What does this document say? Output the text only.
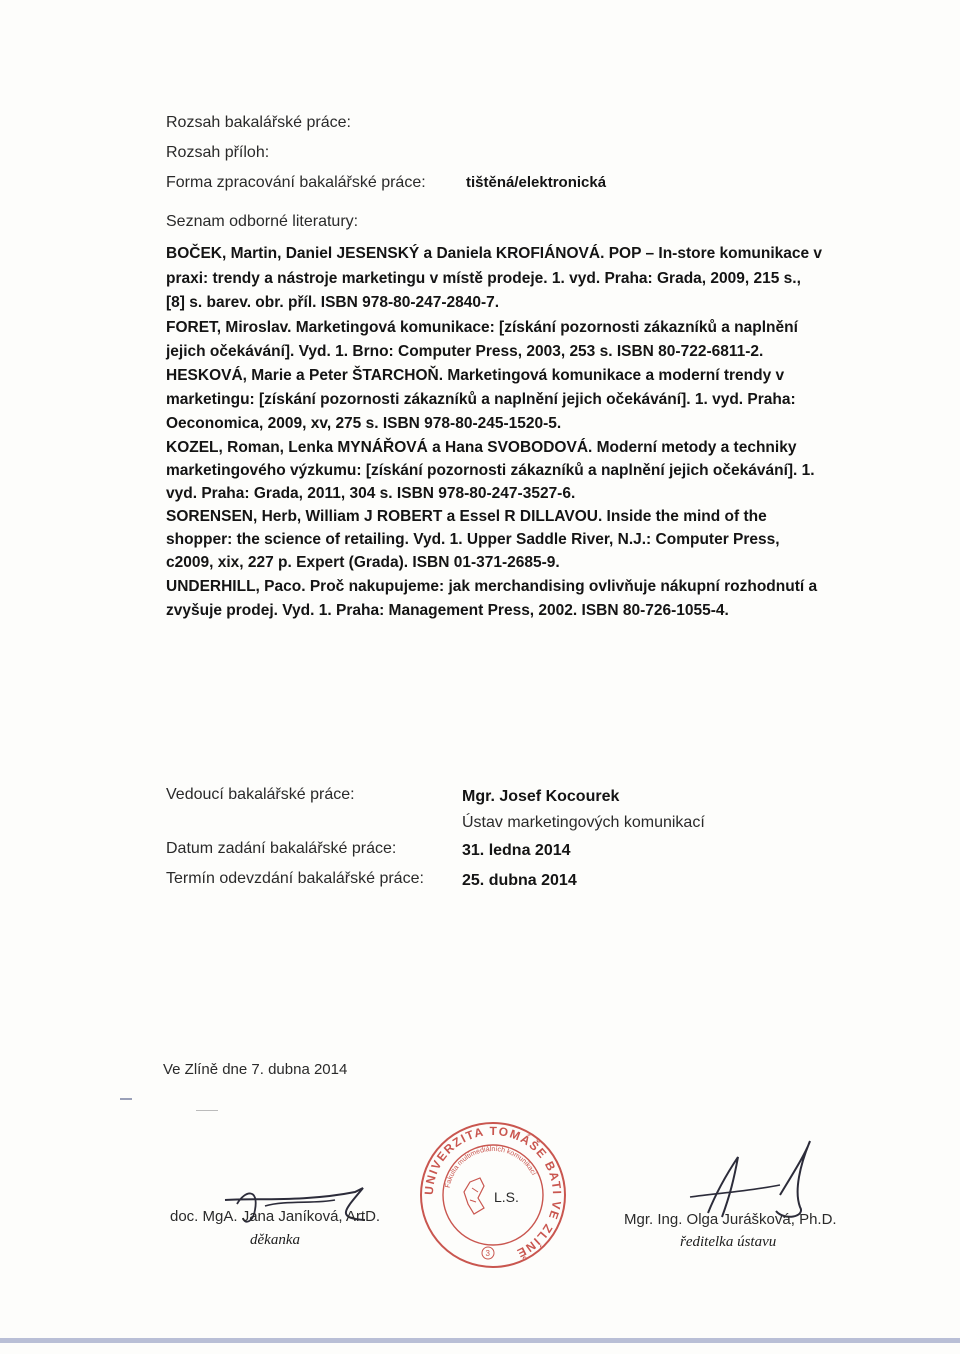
Rozsah bakalářské práce:
Rozsah příloh:
Forma zpracování bakalářské práce:	tištěná/elektronická
Seznam odborné literatury:
BOČEK, Martin, Daniel JESENSKÝ a Daniela KROFIÁNOVÁ. POP – In-store komunikace v
praxi: trendy a nástroje marketingu v místě prodeje. 1. vyd. Praha: Grada, 2009, 215 s.,
[8] s. barev. obr. příl. ISBN 978-80-247-2840-7.
FORET, Miroslav. Marketingová komunikace: [získání pozornosti zákazníků a naplnění
jejich očekávání]. Vyd. 1. Brno: Computer Press, 2003, 253 s. ISBN 80-722-6811-2.
HESKOVÁ, Marie a Peter ŠTARCHOŇ. Marketingová komunikace a moderní trendy v
marketingu: [získání pozornosti zákazníků a naplnění jejich očekávání]. 1. vyd. Praha:
Oeconomica, 2009, xv, 275 s. ISBN 978-80-245-1520-5.
KOZEL, Roman, Lenka MYNÁŘOVÁ a Hana SVOBODOVÁ. Moderní metody a techniky
marketingového výzkumu: [získání pozornosti zákazníků a naplnění jejich očekávání]. 1.
vyd. Praha: Grada, 2011, 304 s. ISBN 978-80-247-3527-6.
SORENSEN, Herb, William J ROBERT a Essel R DILLAVOU. Inside the mind of the
shopper: the science of retailing. Vyd. 1. Upper Saddle River, N.J.: Computer Press,
c2009, xix, 227 p. Expert (Grada). ISBN 01-371-2685-9.
UNDERHILL, Paco. Proč nakupujeme: jak merchandising ovlivňuje nákupní rozhodnutí a
zvyšuje prodej. Vyd. 1. Praha: Management Press, 2002. ISBN 80-726-1055-4.
Vedoucí bakalářské práce:	Mgr. Josef Kocourek
Ústav marketingových komunikací
Datum zadání bakalářské práce:	31. ledna 2014
Termín odevzdání bakalářské práce: 25. dubna 2014
Ve Zlíně dne 7. dubna 2014
doc. MgA. Jana Janíková, ArtD.
děkanka
UNIVERZITA TOMÁŠE BATI VE ZLÍNĚ
Fakulta multimediálních komunikací
L.S.
3
Mgr. Ing. Olga Jurášková, Ph.D.
ředitelka ústavu
